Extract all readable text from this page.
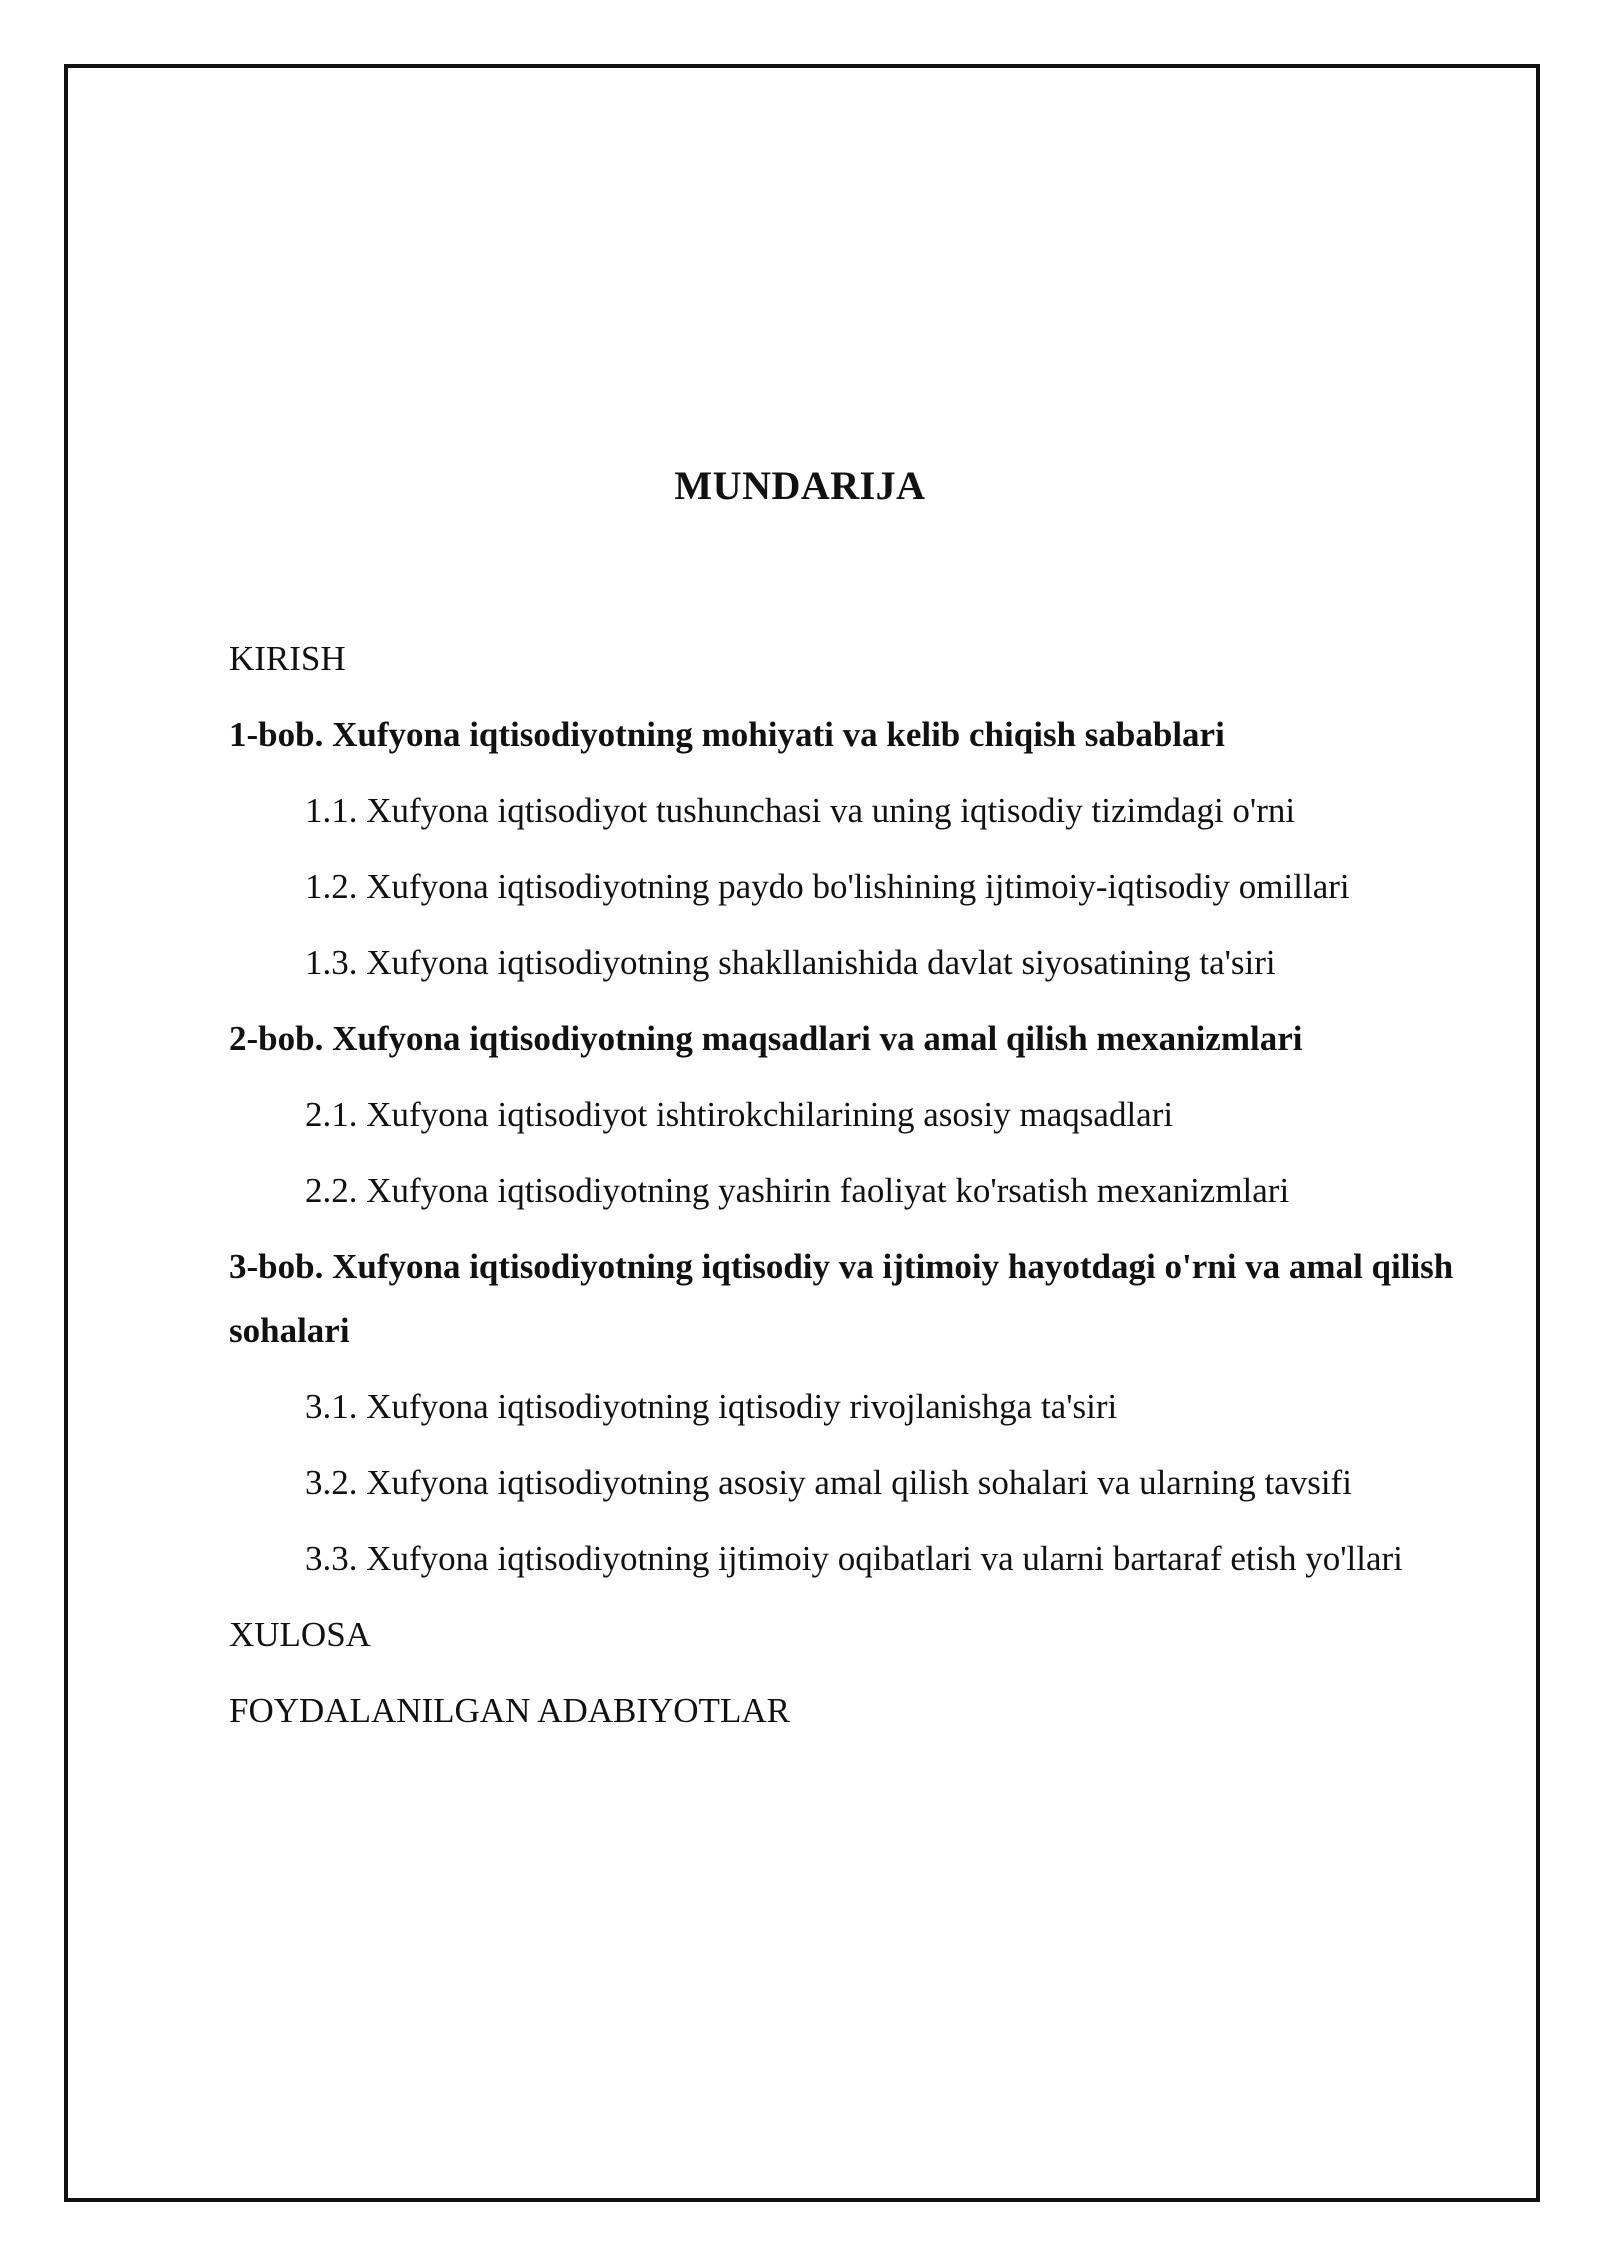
MUNDARIJA
KIRISH
1-bob. Xufyona iqtisodiyotning mohiyati va kelib chiqish sabablari
1.1. Xufyona iqtisodiyot tushunchasi va uning iqtisodiy tizimdagi o'rni
1.2. Xufyona iqtisodiyotning paydo bo'lishining ijtimoiy-iqtisodiy omillari
1.3. Xufyona iqtisodiyotning shakllanishida davlat siyosatining ta'siri
2-bob. Xufyona iqtisodiyotning maqsadlari va amal qilish mexanizmlari
2.1. Xufyona iqtisodiyot ishtirokchilarining asosiy maqsadlari
2.2. Xufyona iqtisodiyotning yashirin faoliyat ko'rsatish mexanizmlari
3-bob. Xufyona iqtisodiyotning iqtisodiy va ijtimoiy hayotdagi o'rni va amal qilish sohalari
3.1. Xufyona iqtisodiyotning iqtisodiy rivojlanishga ta'siri
3.2. Xufyona iqtisodiyotning asosiy amal qilish sohalari va ularning tavsifi
3.3. Xufyona iqtisodiyotning ijtimoiy oqibatlari va ularni bartaraf etish yo'llari
XULOSA
FOYDALANILGAN ADABIYOTLAR
